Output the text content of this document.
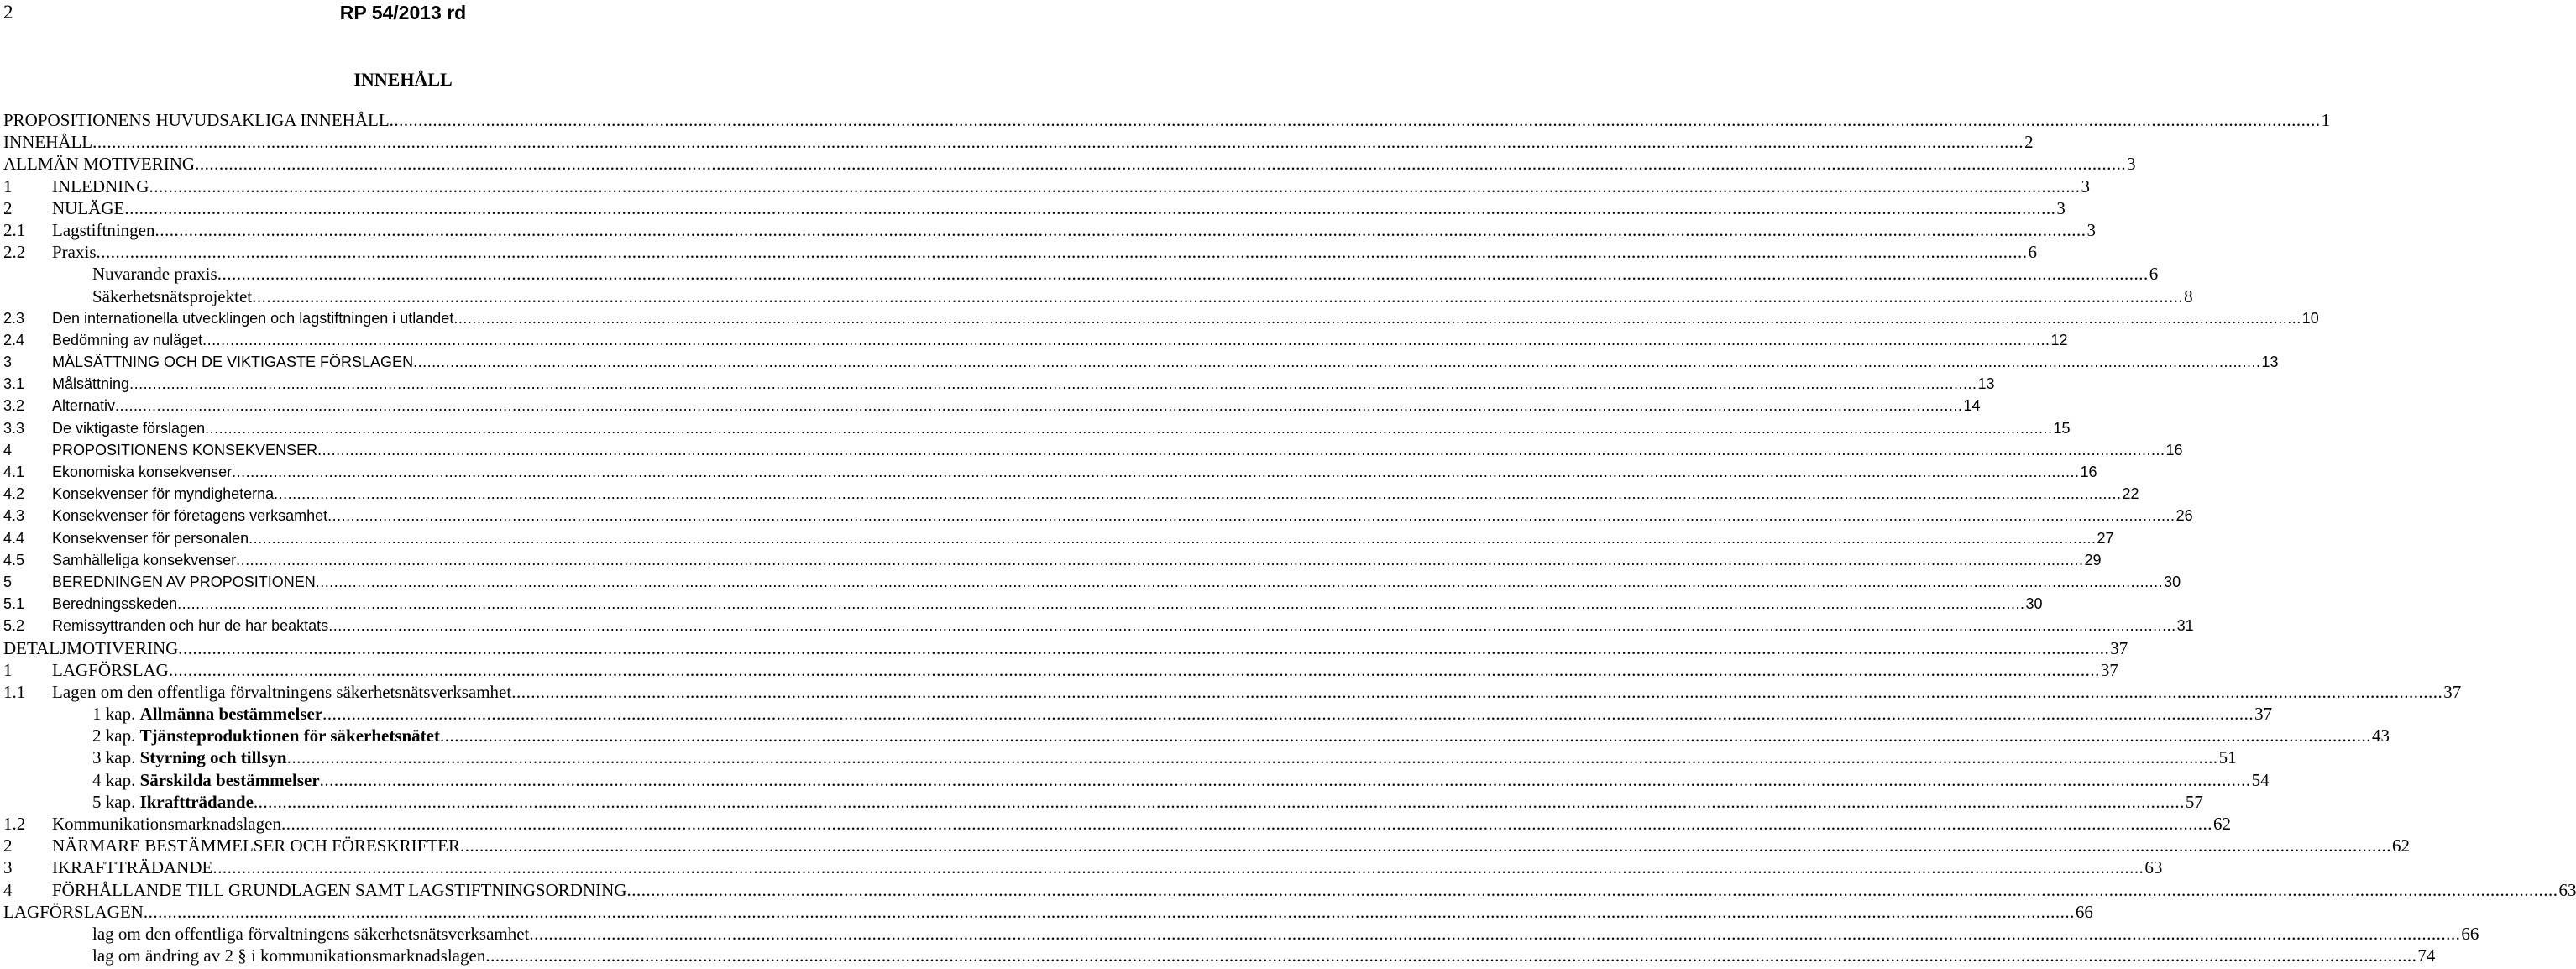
2	RP 54/2013 rd
INNEHÅLL
PROPOSITIONENS HUVUDSAKLIGA INNEHÅLL ................................................................................................................................................................................................................................................................................................................................................................................................................ 1
INNEHÅLL ................................................................................................................................................................................................................................................................................................................................................................................................................ 2
ALLMÄN MOTIVERING ................................................................................................................................................................................................................................................................................................................................................................................................................ 3
1 INLEDNING ................................................................................................................................................................................................................................................................................................................................................................................................................ 3
2 NULÄGE ................................................................................................................................................................................................................................................................................................................................................................................................................ 3
2.1 Lagstiftningen ................................................................................................................................................................................................................................................................................................................................................................................................................ 3
2.2 Praxis ................................................................................................................................................................................................................................................................................................................................................................................................................ 6
Nuvarande praxis ................................................................................................................................................................................................................................................................................................................................................................................................................ 6
Säkerhetsnätsprojektet ................................................................................................................................................................................................................................................................................................................................................................................................................ 8
2.3 Den internationella utvecklingen och lagstiftningen i utlandet ................................................................................................................................................................................................................................................................................................................................................................................................................ 10
2.4 Bedömning av nuläget ................................................................................................................................................................................................................................................................................................................................................................................................................ 12
3	MÅLSÄTTNING OCH DE VIKTIGASTE FÖRSLAGEN ................................................................................................................................................................................................................................................................................................................................................................................................................ 13
3.1 Målsättning ................................................................................................................................................................................................................................................................................................................................................................................................................ 13
3.2 Alternativ ................................................................................................................................................................................................................................................................................................................................................................................................................ 14
3.3 De viktigaste förslagen ................................................................................................................................................................................................................................................................................................................................................................................................................ 15
4	PROPOSITIONENS KONSEKVENSER ................................................................................................................................................................................................................................................................................................................................................................................................................ 16
4.1 Ekonomiska konsekvenser ................................................................................................................................................................................................................................................................................................................................................................................................................ 16
4.2 Konsekvenser för myndigheterna ................................................................................................................................................................................................................................................................................................................................................................................................................ 22
4.3 Konsekvenser för företagens verksamhet ................................................................................................................................................................................................................................................................................................................................................................................................................ 26
4.4 Konsekvenser för personalen ................................................................................................................................................................................................................................................................................................................................................................................................................ 27
4.5 Samhälleliga konsekvenser ................................................................................................................................................................................................................................................................................................................................................................................................................ 29
5	BEREDNINGEN AV PROPOSITIONEN ................................................................................................................................................................................................................................................................................................................................................................................................................ 30
5.1 Beredningsskeden ................................................................................................................................................................................................................................................................................................................................................................................................................ 30
5.2 Remissyttranden och hur de har beaktats ................................................................................................................................................................................................................................................................................................................................................................................................................ 31
DETALJMOTIVERING ................................................................................................................................................................................................................................................................................................................................................................................................................ 37
1 LAGFÖRSLAG ................................................................................................................................................................................................................................................................................................................................................................................................................ 37
1.1 Lagen om den offentliga förvaltningens säkerhetsnätsverksamhet ................................................................................................................................................................................................................................................................................................................................................................................................................ 37
1 kap. Allmänna bestämmelser ................................................................................................................................................................................................................................................................................................................................................................................................................ 37
2 kap. Tjänsteproduktionen för säkerhetsnätet ................................................................................................................................................................................................................................................................................................................................................................................................................ 43
3 kap. Styrning och tillsyn ................................................................................................................................................................................................................................................................................................................................................................................................................ 51
4 kap. Särskilda bestämmelser ................................................................................................................................................................................................................................................................................................................................................................................................................ 54
5 kap. Ikraftträdande ................................................................................................................................................................................................................................................................................................................................................................................................................ 57
1.2 Kommunikationsmarknadslagen ................................................................................................................................................................................................................................................................................................................................................................................................................ 62
2 NÄRMARE BESTÄMMELSER OCH FÖRESKRIFTER ................................................................................................................................................................................................................................................................................................................................................................................................................ 62
3 IKRAFTTRÄDANDE ................................................................................................................................................................................................................................................................................................................................................................................................................ 63
4 FÖRHÅLLANDE TILL GRUNDLAGEN SAMT LAGSTIFTNINGSORDNING ................................................................................................................................................................................................................................................................................................................................................................................................................ 63
LAGFÖRSLAGEN ................................................................................................................................................................................................................................................................................................................................................................................................................ 66
lag om den offentliga förvaltningens säkerhetsnätsverksamhet ................................................................................................................................................................................................................................................................................................................................................................................................................ 66
lag om ändring av 2 § i kommunikationsmarknadslagen ................................................................................................................................................................................................................................................................................................................................................................................................................ 74
